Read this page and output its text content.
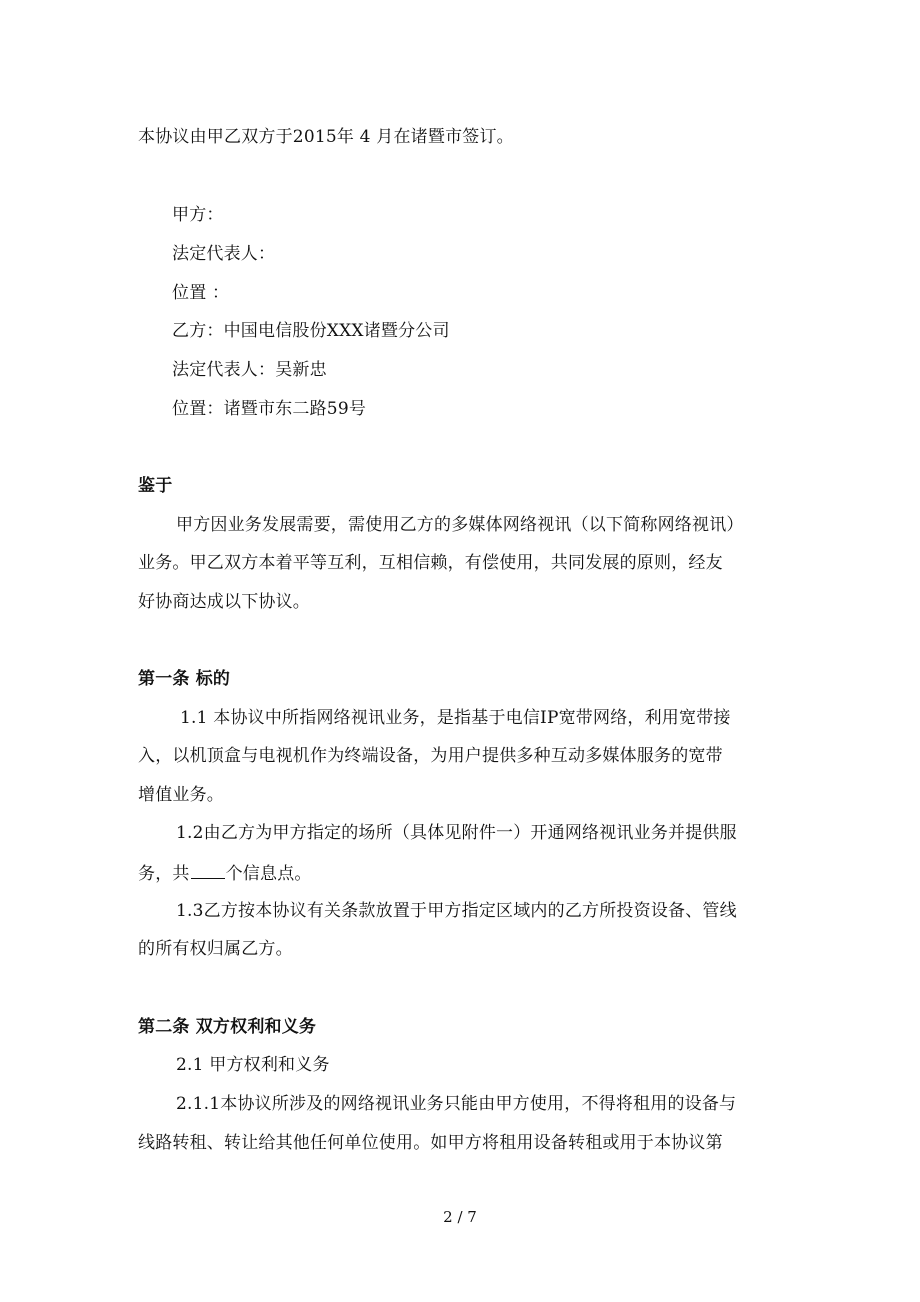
本协议由甲乙双方于2015年 4 月在诸暨市签订。
甲方：
法定代表人：
位置 ：
乙方：中国电信股份XXX诸暨分公司
法定代表人：吴新忠
位置：诸暨市东二路59号
鉴于
甲方因业务发展需要，需使用乙方的多媒体网络视讯（以下简称网络视讯）
业务。甲乙双方本着平等互利，互相信赖，有偿使用，共同发展的原则，经友
好协商达成以下协议。
第一条 标的
1.1 本协议中所指网络视讯业务，是指基于电信IP宽带网络，利用宽带接
入，以机顶盒与电视机作为终端设备，为用户提供多种互动多媒体服务的宽带
增值业务。
1.2由乙方为甲方指定的场所（具体见附件一）开通网络视讯业务并提供服
务，共 个信息点。
1.3乙方按本协议有关条款放置于甲方指定区域内的乙方所投资设备、管线
的所有权归属乙方。
第二条 双方权利和义务
2.1 甲方权利和义务
2.1.1本协议所涉及的网络视讯业务只能由甲方使用，不得将租用的设备与
线路转租、转让给其他任何单位使用。如甲方将租用设备转租或用于本协议第
2 / 7
